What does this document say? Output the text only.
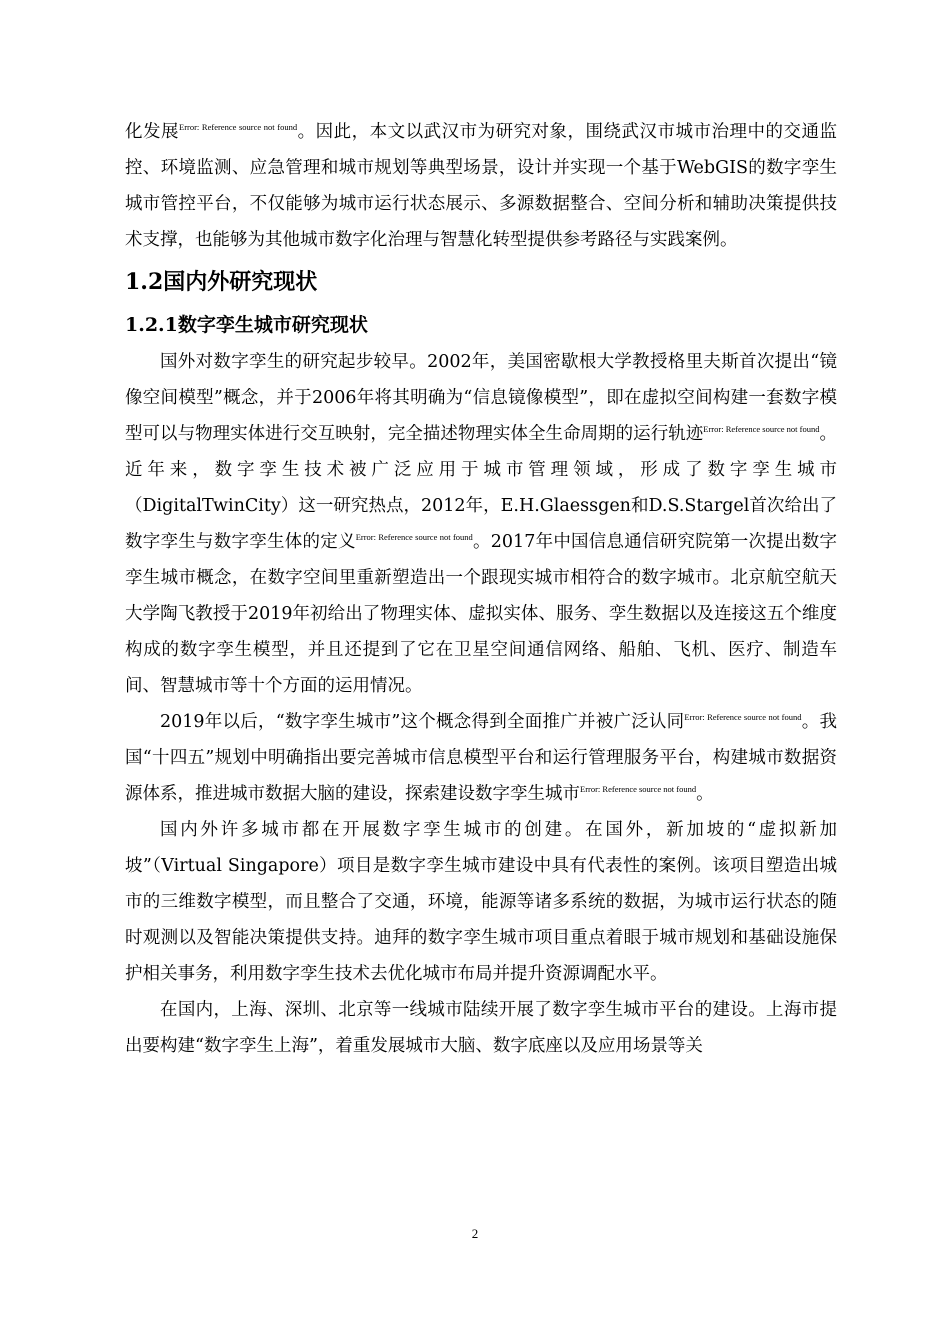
化发展$^{Error: Reference source not found}$。因此，本文以武汉市为研究对象，围绕武汉市城市治理中的交通监控、环境监测、应急管理和城市规划等典型场景，设计并实现一个基于WebGIS的数字孪生城市管控平台，不仅能够为城市运行状态展示、多源数据整合、空间分析和辅助决策提供技术支撑，也能够为其他城市数字化治理与智慧化转型提供参考路径与实践案例。

1.2国内外研究现状
1.2.1数字孪生城市研究现状

国外对数字孪生的研究起步较早。2002年，美国密歇根大学教授格里夫斯首次提出“镜像空间模型”概念，并于2006年将其明确为“信息镜像模型”，即在虚拟空间构建一套数字模型可以与物理实体进行交互映射，完全描述物理实体全生命周期的运行轨迹$^{Error: Reference source not found}$。近年来，数字孪生技术被广泛应用于城市管理领域，形成了数字孪生城市（DigitalTwinCity）这一研究热点，2012年，E.H.Glaessgen和D.S.Stargel首次给出了数字孪生与数字孪生体的定义$^{Error: Reference source not found}$。2017年中国信息通信研究院第一次提出数字孪生城市概念，在数字空间里重新塑造出一个跟现实城市相符合的数字城市。北京航空航天大学陶飞教授于2019年初给出了物理实体、虚拟实体、服务、孪生数据以及连接这五个维度构成的数字孪生模型，并且还提到了它在卫星空间通信网络、船舶、飞机、医疗、制造车间、智慧城市等十个方面的运用情况。

2019年以后，“数字孪生城市”这个概念得到全面推广并被广泛认同$^{Error: Reference source not found}$。我国“十四五”规划中明确指出要完善城市信息模型平台和运行管理服务平台，构建城市数据资源体系，推进城市数据大脑的建设，探索建设数字孪生城市$^{Error: Reference source not found}$。

国内外许多城市都在开展数字孪生城市的创建。在国外，新加坡的“虚拟新加坡”（Virtual Singapore）项目是数字孪生城市建设中具有代表性的案例。该项目塑造出城市的三维数字模型，而且整合了交通，环境，能源等诸多系统的数据，为城市运行状态的随时观测以及智能决策提供支持。迪拜的数字孪生城市项目重点着眼于城市规划和基础设施保护相关事务，利用数字孪生技术去优化城市布局并提升资源调配水平。

在国内，上海、深圳、北京等一线城市陆续开展了数字孪生城市平台的建设。上海市提出要构建“数字孪生上海”，着重发展城市大脑、数字底座以及应用场景等关

2
